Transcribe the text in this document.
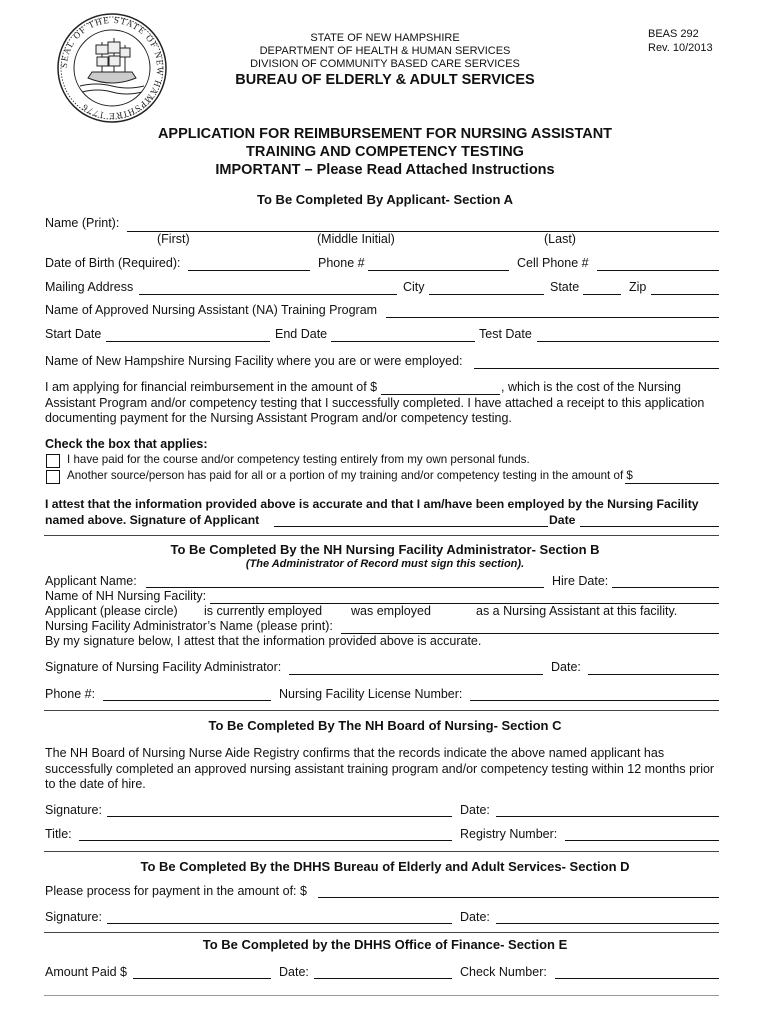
SEAL OF THE STATE OF NEW HAMPSHIRE 1776
BEAS 292
Rev. 10/2013
STATE OF NEW HAMPSHIRE
DEPARTMENT OF HEALTH & HUMAN SERVICES
DIVISION OF COMMUNITY BASED CARE SERVICES
BUREAU OF ELDERLY & ADULT SERVICES
APPLICATION FOR REIMBURSEMENT FOR NURSING ASSISTANT
TRAINING AND COMPETENCY TESTING
IMPORTANT – Please Read Attached Instructions
To Be Completed By Applicant- Section A
Name (Print):
(First)	(Middle Initial)	(Last)
Date of Birth (Required):	Phone #	Cell Phone #
Mailing Address	City	State	Zip
Name of Approved Nursing Assistant (NA) Training Program
Start Date	End Date	Test Date
Name of New Hampshire Nursing Facility where you are or were employed:
I am applying for financial reimbursement in the amount of $	, which is the cost of the Nursing
Assistant Program and/or competency testing that I successfully completed. I have attached a receipt to this application
documenting payment for the Nursing Assistant Program and/or competency testing.
Check the box that applies:
I have paid for the course and/or competency testing entirely from my own personal funds.
Another source/person has paid for all or a portion of my training and/or competency testing in the amount of $
I attest that the information provided above is accurate and that I am/have been employed by the Nursing Facility
named above. Signature of Applicant	Date
To Be Completed By the NH Nursing Facility Administrator- Section B
(The Administrator of Record must sign this section).
Applicant Name:	Hire Date:
Name of NH Nursing Facility:
Applicant (please circle) is currently employed was employed	as a Nursing Assistant at this facility.
Nursing Facility Administrator’s Name (please print):
By my signature below, I attest that the information provided above is accurate.
Signature of Nursing Facility Administrator:	Date:
Phone #:	Nursing Facility License Number:
To Be Completed By The NH Board of Nursing- Section C
The NH Board of Nursing Nurse Aide Registry confirms that the records indicate the above named applicant has
successfully completed an approved nursing assistant training program and/or competency testing within 12 months prior
to the date of hire.
Signature:	Date:
Title:	Registry Number:
To Be Completed By the DHHS Bureau of Elderly and Adult Services- Section D
Please process for payment in the amount of: $
Signature:	Date:
To Be Completed by the DHHS Office of Finance- Section E
Amount Paid $	Date:	Check Number:
